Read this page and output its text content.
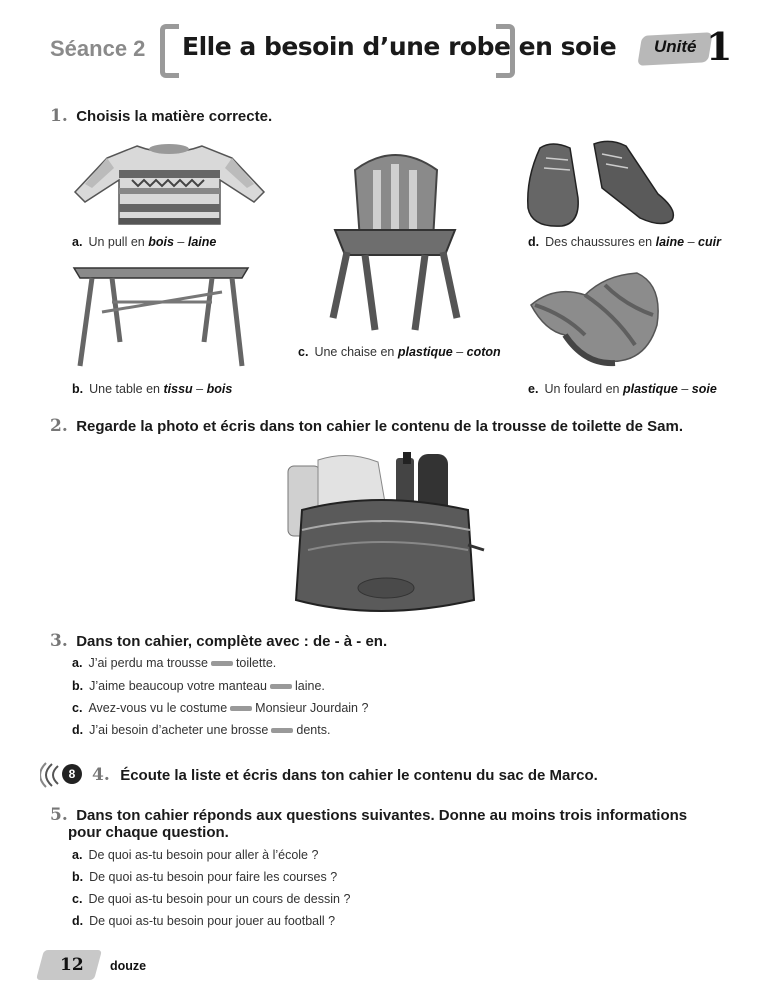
Séance 2 Elle a besoin d’une robe en soie Unité 1
1. Choisis la matière correcte.
a. Un pull en bois – laine
c. Une chaise en plastique – coton
d. Des chaussures en laine – cuir
b. Une table en tissu – bois	e. Un foulard en plastique – soie
2. Regarde la photo et écris dans ton cahier le contenu de la trousse de toilette de Sam.
3. Dans ton cahier, complète avec : de - à - en.
a. J’ai perdu ma trousse toilette.
b. J’aime beaucoup votre manteau laine.
c. Avez-vous vu le costume Monsieur Jourdain ?
d. J’ai besoin d’acheter une brosse dents.
8 4. Écoute la liste et écris dans ton cahier le contenu du sac de Marco.
5. Dans ton cahier réponds aux questions suivantes. Donne au moins trois informations
pour chaque question.
a. De quoi as-tu besoin pour aller à l’école ?
b. De quoi as-tu besoin pour faire les courses ?
c. De quoi as-tu besoin pour un cours de dessin ?
d. De quoi as-tu besoin pour jouer au football ?
12 douze
